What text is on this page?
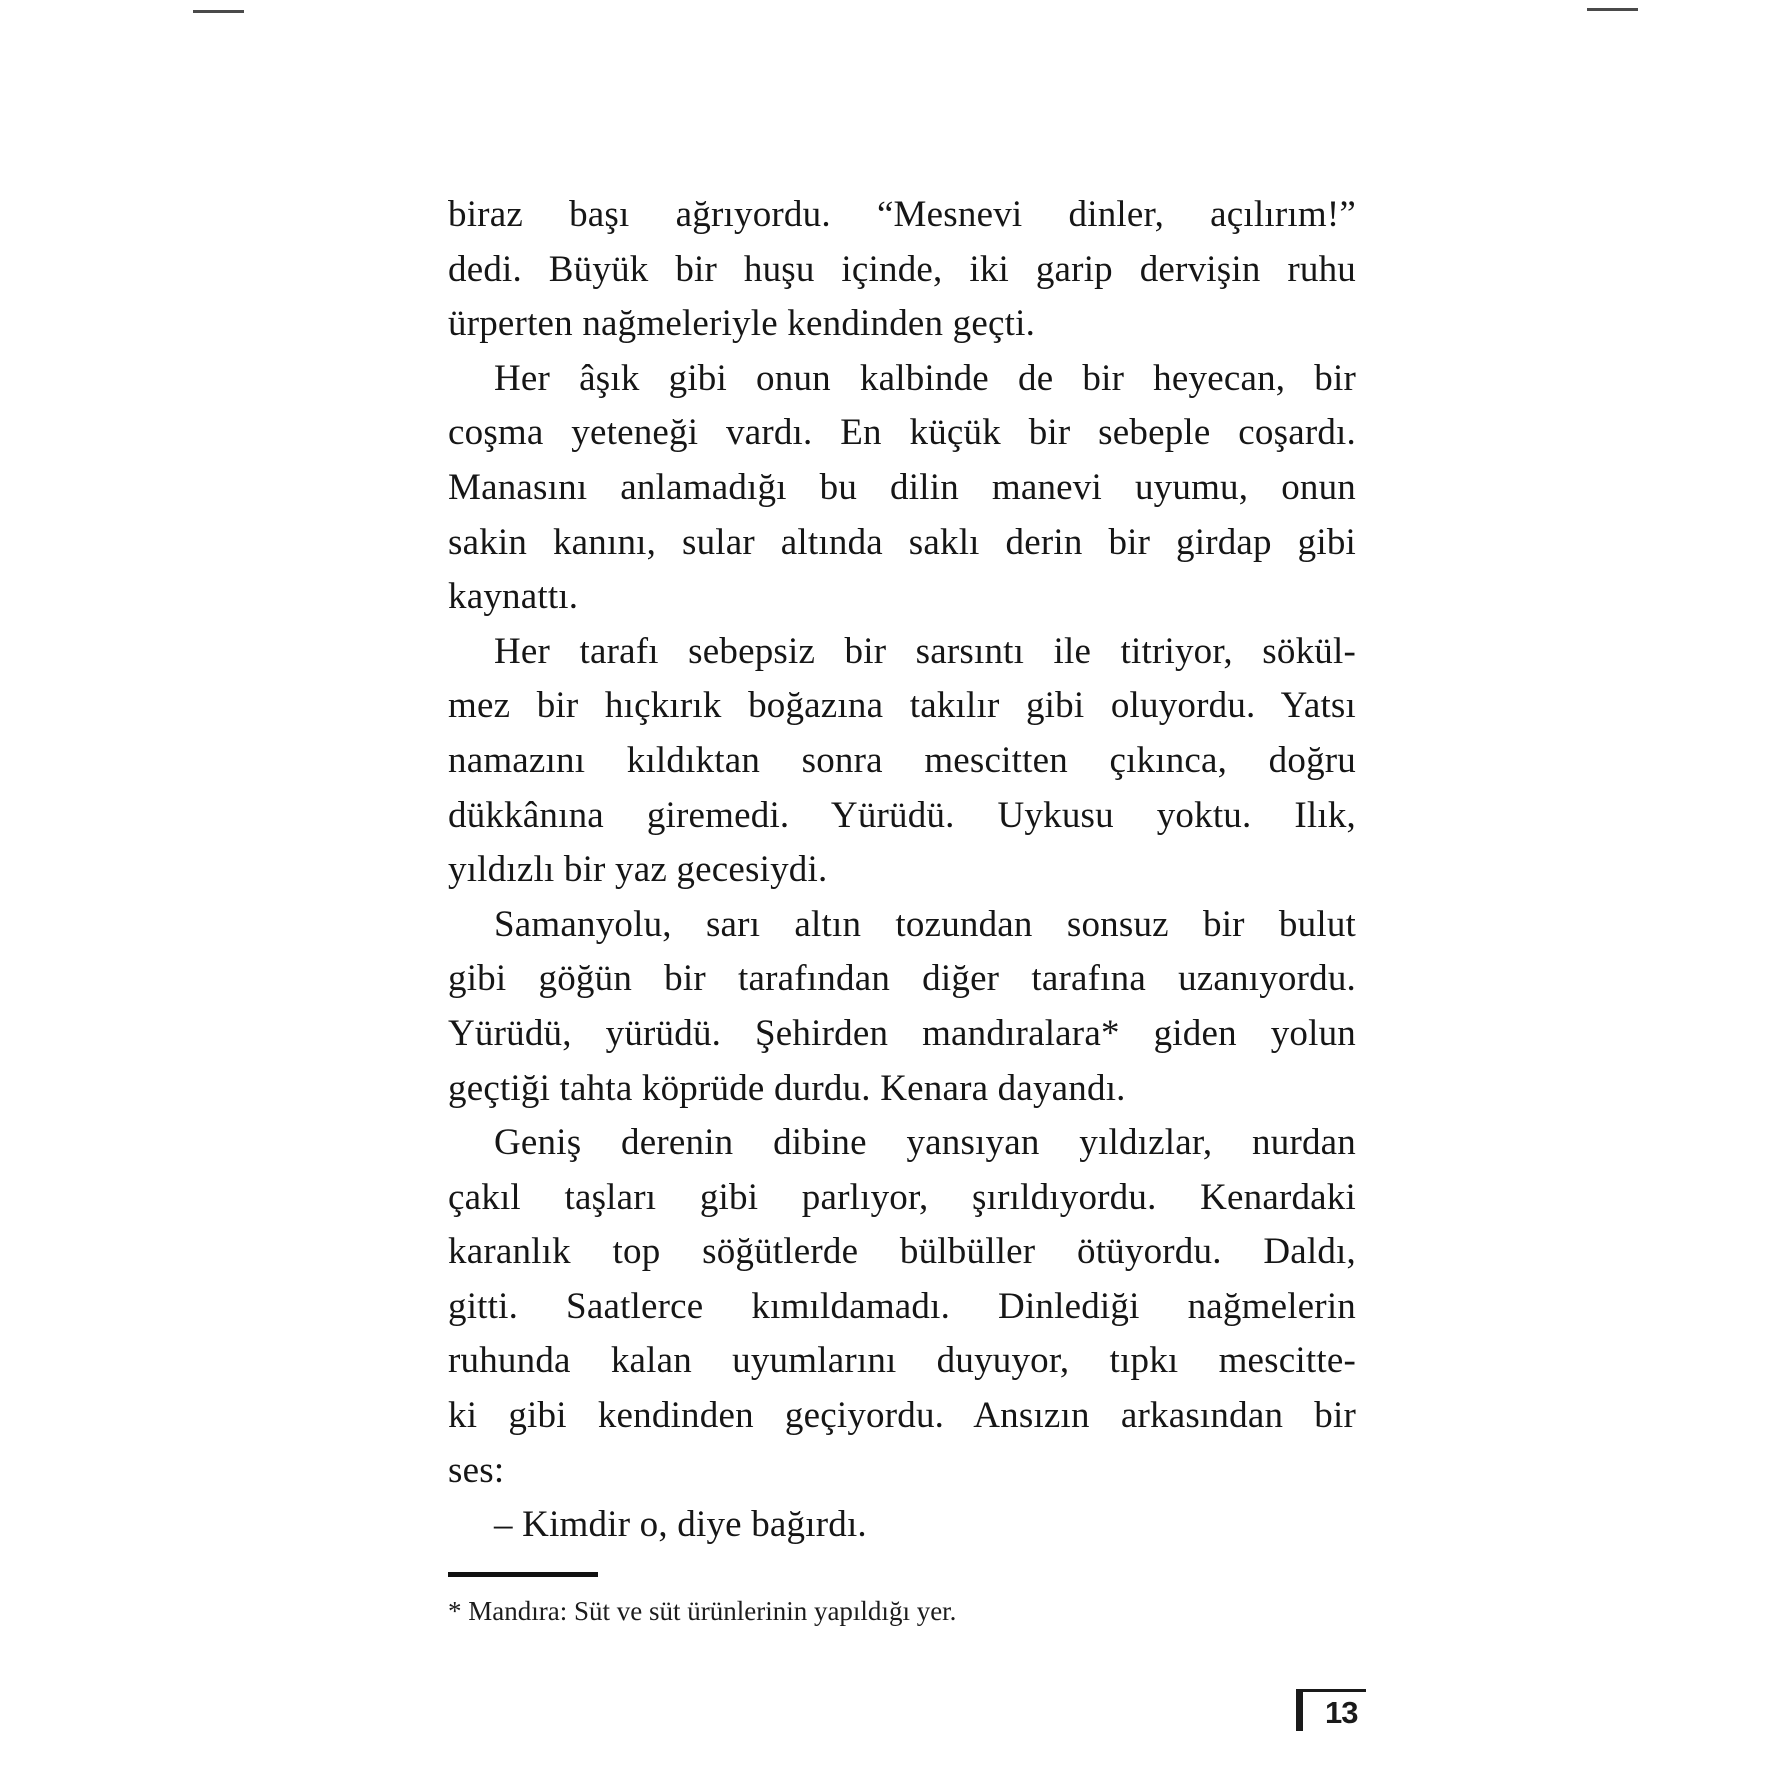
biraz başı ağrıyordu. “Mesnevi dinler, açılırım!”
dedi. Büyük bir huşu içinde, iki garip dervişin ruhu
ürperten nağmeleriyle kendinden geçti.
Her âşık gibi onun kalbinde de bir heyecan, bir
coşma yeteneği vardı. En küçük bir sebeple coşardı.
Manasını anlamadığı bu dilin manevi uyumu, onun
sakin kanını, sular altında saklı derin bir girdap gibi
kaynattı.
Her tarafı sebepsiz bir sarsıntı ile titriyor, sökül-
mez bir hıçkırık boğazına takılır gibi oluyordu. Yatsı
namazını kıldıktan sonra mescitten çıkınca, doğru
dükkânına giremedi. Yürüdü. Uykusu yoktu. Ilık,
yıldızlı bir yaz gecesiydi.
Samanyolu, sarı altın tozundan sonsuz bir bulut
gibi göğün bir tarafından diğer tarafına uzanıyordu.
Yürüdü, yürüdü. Şehirden mandıralara* giden yolun
geçtiği tahta köprüde durdu. Kenara dayandı.
Geniş derenin dibine yansıyan yıldızlar, nurdan
çakıl taşları gibi parlıyor, şırıldıyordu. Kenardaki
karanlık top söğütlerde bülbüller ötüyordu. Daldı,
gitti. Saatlerce kımıldamadı. Dinlediği nağmelerin
ruhunda kalan uyumlarını duyuyor, tıpkı mescitte-
ki gibi kendinden geçiyordu. Ansızın arkasından bir
ses:
– Kimdir o, diye bağırdı.
* Mandıra: Süt ve süt ürünlerinin yapıldığı yer.
13
